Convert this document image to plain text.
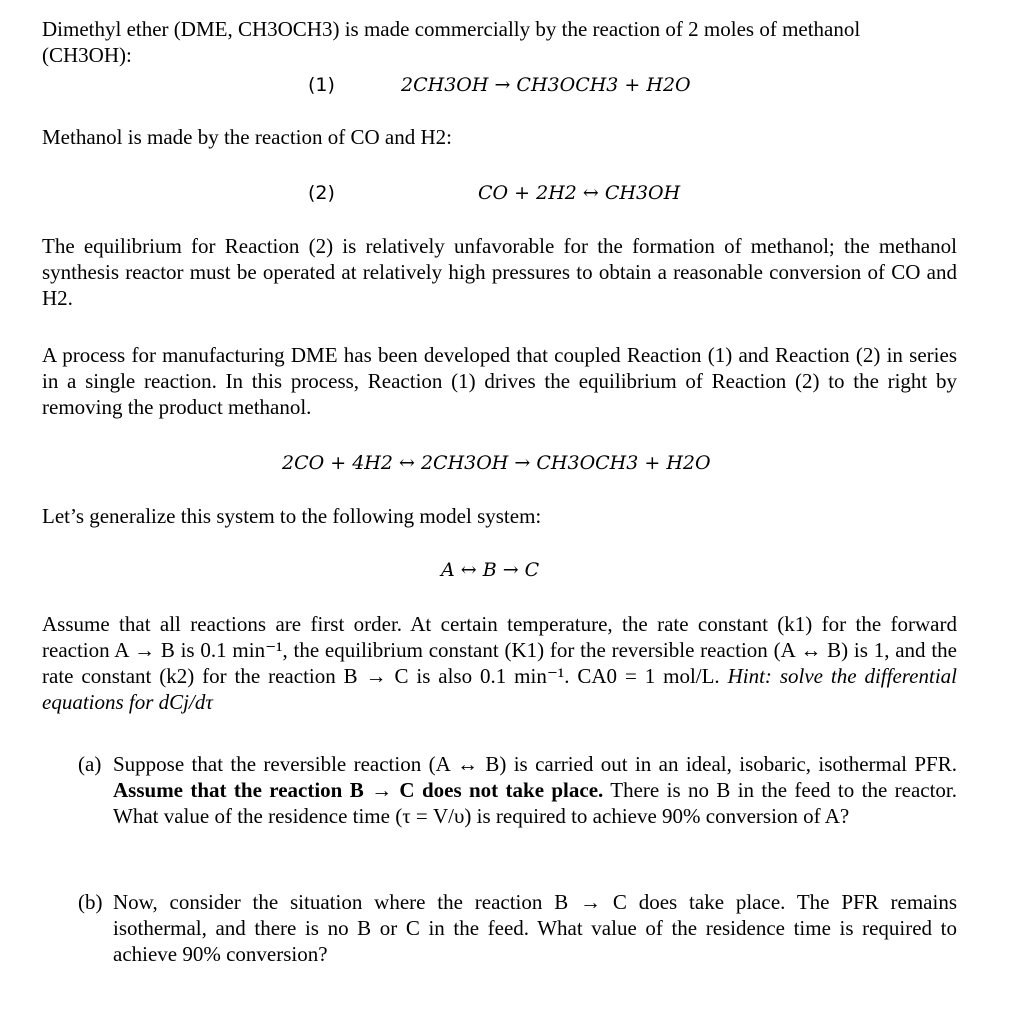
Dimethyl ether (DME, CH3OCH3) is made commercially by the reaction of 2 moles of methanol
(CH3OH):

(1)	2CH3OH → CH3OCH3 + H2O

Methanol is made by the reaction of CO and H2:

(2)	CO + 2H2 ↔ CH3OH

The equilibrium for Reaction (2) is relatively unfavorable for the formation of methanol; the methanol synthesis reactor must be operated at relatively high pressures to obtain a reasonable conversion of CO and H2.

A process for manufacturing DME has been developed that coupled Reaction (1) and Reaction (2) in series in a single reaction. In this process, Reaction (1) drives the equilibrium of Reaction (2) to the right by removing the product methanol.

2CO + 4H2 ↔ 2CH3OH → CH3OCH3 + H2O

Let’s generalize this system to the following model system:

A ↔ B → C

Assume that all reactions are first order. At certain temperature, the rate constant (k1) for the forward reaction A → B is 0.1 min⁻¹, the equilibrium constant (K1) for the reversible reaction (A ↔ B) is 1, and the rate constant (k2) for the reaction B → C is also 0.1 min⁻¹. CA0 = 1 mol/L. Hint: solve the differential equations for dCj/dτ

(a) Suppose that the reversible reaction (A ↔ B) is carried out in an ideal, isobaric, isothermal PFR. Assume that the reaction B → C does not take place. There is no B in the feed to the reactor. What value of the residence time (τ = V/υ) is required to achieve 90% conversion of A?
(b) Now, consider the situation where the reaction B → C does take place. The PFR remains isothermal, and there is no B or C in the feed. What value of the residence time is required to achieve 90% conversion?
